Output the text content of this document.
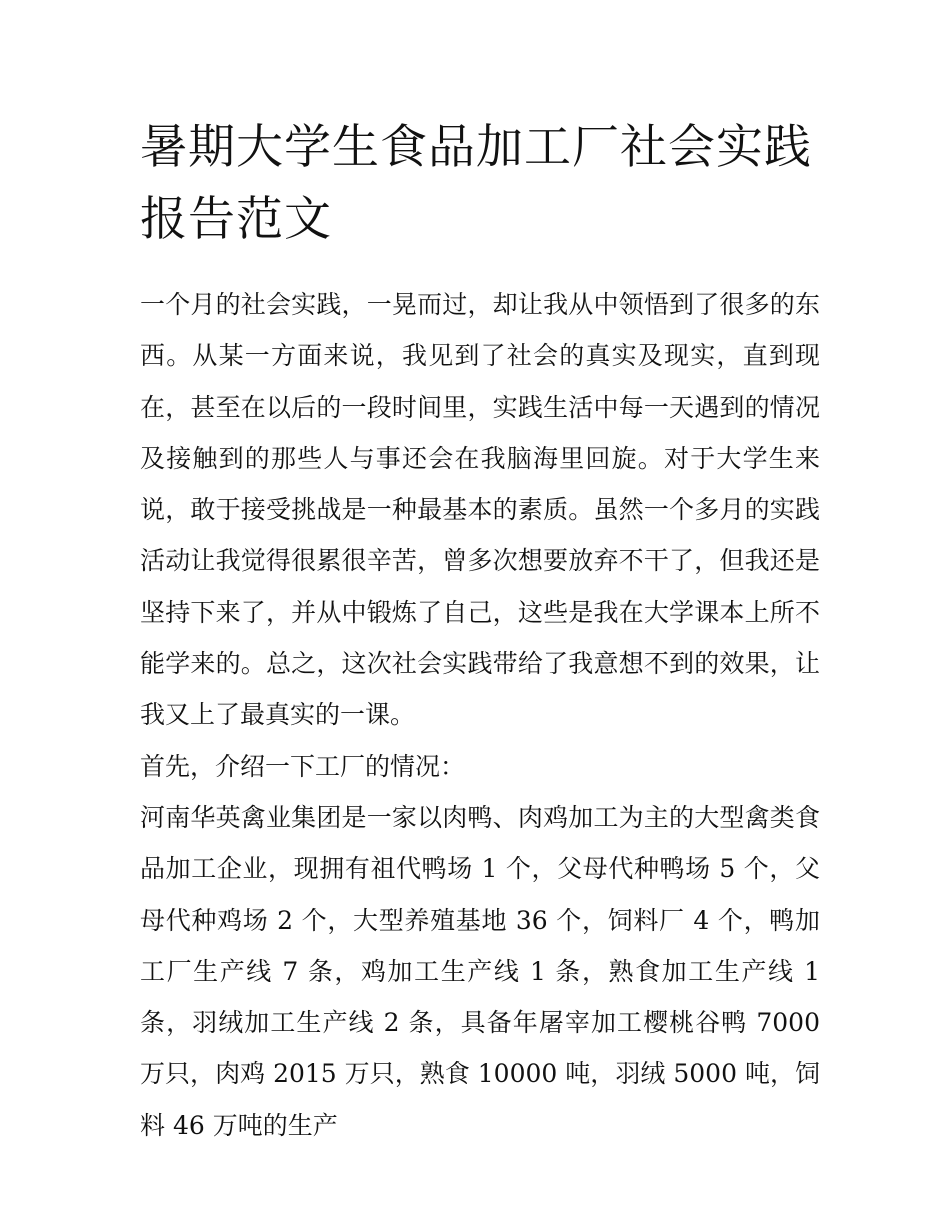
暑期大学生食品加工厂社会实践报告范文

一个月的社会实践，一晃而过，却让我从中领悟到了很多的东西。从某一方面来说，我见到了社会的真实及现实，直到现在，甚至在以后的一段时间里，实践生活中每一天遇到的情况及接触到的那些人与事还会在我脑海里回旋。对于大学生来说，敢于接受挑战是一种最基本的素质。虽然一个多月的实践活动让我觉得很累很辛苦，曾多次想要放弃不干了，但我还是坚持下来了，并从中锻炼了自己，这些是我在大学课本上所不能学来的。总之，这次社会实践带给了我意想不到的效果，让我又上了最真实的一课。

首先，介绍一下工厂的情况：

河南华英禽业集团是一家以肉鸭、肉鸡加工为主的大型禽类食品加工企业，现拥有祖代鸭场 1 个，父母代种鸭场 5 个，父母代种鸡场 2 个，大型养殖基地 36 个，饲料厂 4 个，鸭加工厂生产线 7 条，鸡加工生产线 1 条，熟食加工生产线 1 条，羽绒加工生产线 2 条，具备年屠宰加工樱桃谷鸭 7000 万只，肉鸡 2015 万只，熟食 10000 吨，羽绒 5000 吨，饲料 46 万吨的生产
